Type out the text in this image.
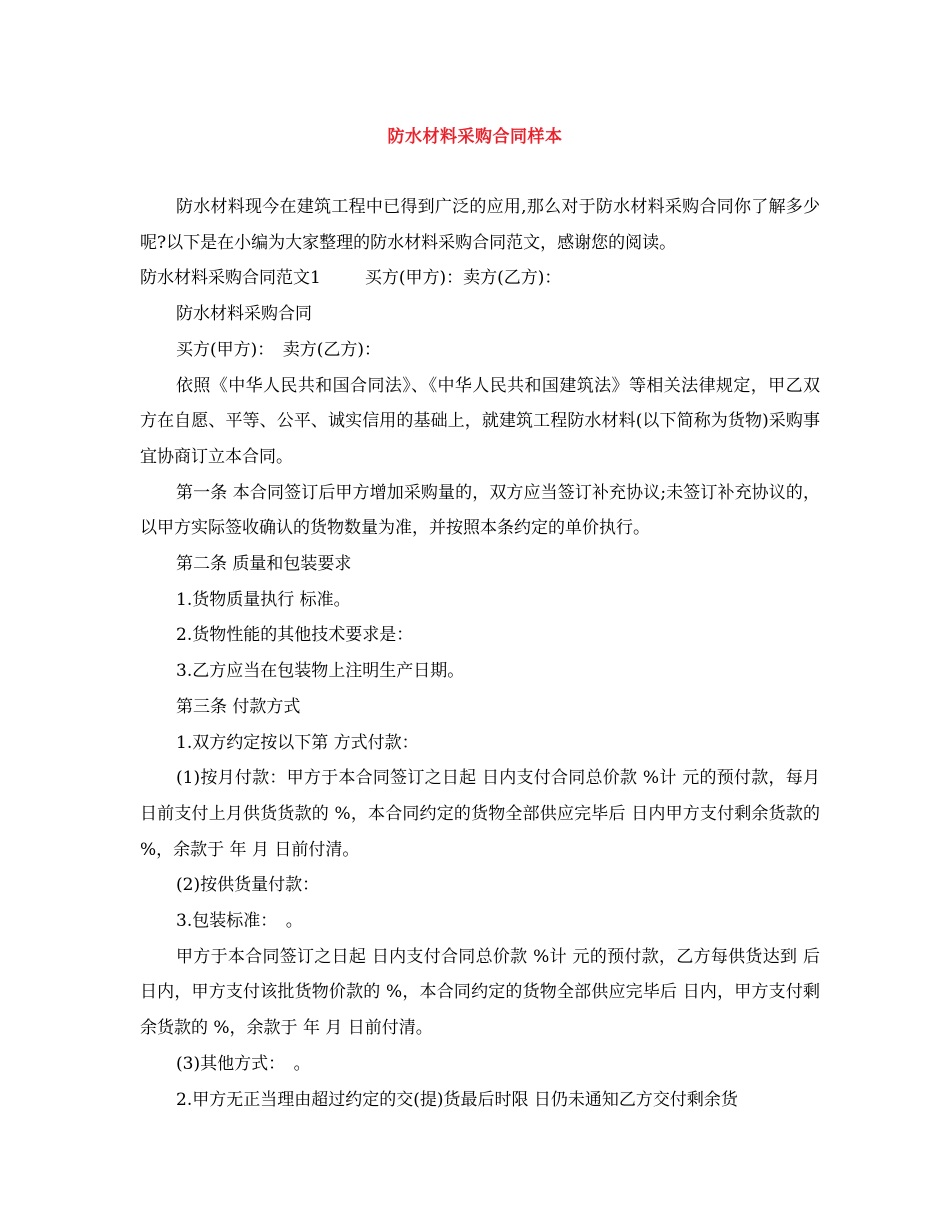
防水材料采购合同样本

防水材料现今在建筑工程中已得到广泛的应用,那么对于防水材料采购合同你了解多少呢?以下是在小编为大家整理的防水材料采购合同范文，感谢您的阅读。

防水材料采购合同范文1	买方(甲方)：卖方(乙方)：

防水材料采购合同

买方(甲方)：　卖方(乙方)：

依照《中华人民共和国合同法》、《中华人民共和国建筑法》等相关法律规定，甲乙双方在自愿、平等、公平、诚实信用的基础上，就建筑工程防水材料(以下简称为货物)采购事宜协商订立本合同。

第一条 本合同签订后甲方增加采购量的，双方应当签订补充协议;未签订补充协议的，以甲方实际签收确认的货物数量为准，并按照本条约定的单价执行。

第二条 质量和包装要求

1.货物质量执行 标准。

2.货物性能的其他技术要求是：

3.乙方应当在包装物上注明生产日期。

第三条 付款方式

1.双方约定按以下第 方式付款：

(1)按月付款：甲方于本合同签订之日起 日内支付合同总价款 %计 元的预付款，每月 日前支付上月供货货款的 %，本合同约定的货物全部供应完毕后 日内甲方支付剩余货款的 %，余款于 年 月 日前付清。

(2)按供货量付款：

3.包装标准：　。

甲方于本合同签订之日起 日内支付合同总价款 %计 元的预付款，乙方每供货达到 后 日内，甲方支付该批货物价款的 %，本合同约定的货物全部供应完毕后 日内，甲方支付剩余货款的 %，余款于 年 月 日前付清。

(3)其他方式：　。

2.甲方无正当理由超过约定的交(提)货最后时限 日仍未通知乙方交付剩余货
